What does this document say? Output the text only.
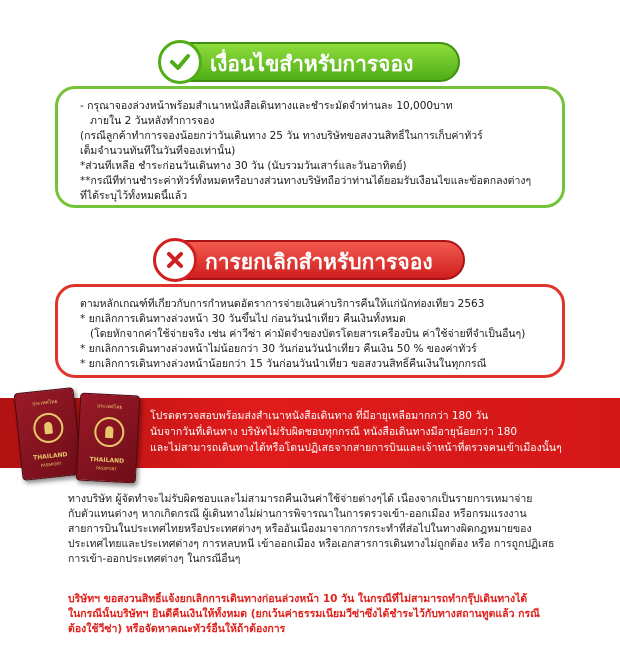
เงื่อนไขสำหรับการจอง
- กรุณาจองล่วงหน้าพร้อมสำเนาหนังสือเดินทางและชำระมัดจำท่านละ 10,000บาท
ภายใน 2 วันหลังทำการจอง
(กรณีลูกค้าทำการจองน้อยกว่าวันเดินทาง 25 วัน ทางบริษัทขอสงวนสิทธิ์ในการเก็บค่าทัวร์
เต็มจำนวนทันทีในวันที่จองเท่านั้น)
*ส่วนที่เหลือ ชำระก่อนวันเดินทาง 30 วัน (นับรวมวันเสาร์และวันอาทิตย์)
**กรณีที่ท่านชำระค่าทัวร์ทั้งหมดหรือบางส่วนทางบริษัทถือว่าท่านได้ยอมรับเงื่อนไขและข้อตกลงต่างๆ
ที่ได้ระบุไว้ทั้งหมดนี้แล้ว
การยกเลิกสำหรับการจอง
ตามหลักเกณฑ์ที่เกี่ยวกับการกำหนดอัตราการจ่ายเงินค่าบริการคืนให้แก่นักท่องเที่ยว 2563
* ยกเลิกการเดินทางล่วงหน้า 30 วันขึ้นไป ก่อนวันนำเที่ยว คืนเงินทั้งหมด
(โดยหักจากค่าใช้จ่ายจริง เช่น ค่าวีซ่า ค่ามัดจำของบัตรโดยสารเครื่องบิน ค่าใช้จ่ายที่จำเป็นอื่นๆ)
* ยกเลิกการเดินทางล่วงหน้าไม่น้อยกว่า 30 วันก่อนวันนำเที่ยว คืนเงิน 50 % ของค่าทัวร์
* ยกเลิกการเดินทางล่วงหน้าน้อยกว่า 15 วันก่อนวันนำเที่ยว ขอสงวนสิทธิ์คืนเงินในทุกกรณี
โปรดตรวจสอบพร้อมส่งสำเนาหนังสือเดินทาง ที่มีอายุเหลือมากกว่า 180 วัน
นับจากวันที่เดินทาง บริษัทไม่รับผิดชอบทุกกรณี หนังสือเดินทางมีอายุน้อยกว่า 180
และไม่สามารถเดินทางได้หรือโดนปฏิเสธจากสายการบินและเจ้าหน้าที่ตรวจคนเข้าเมืองนั้นๆ
ประเทศไทย
THAILAND
PASSPORT
ประเทศไทย
THAILAND
PASSPORT
ทางบริษัท ผู้จัดทำจะไม่รับผิดชอบและไม่สามารถคืนเงินค่าใช้จ่ายต่างๆได้ เนื่องจากเป็นรายการเหมาจ่าย
กับตัวแทนต่างๆ หากเกิดกรณี ผู้เดินทางไม่ผ่านการพิจารณาในการตรวจเข้า-ออกเมือง หรือกรมแรงงาน
สายการบินในประเทศไทยหรือประเทศต่างๆ หรืออันเนื่องมาจากการกระทำที่ส่อไปในทางผิดกฎหมายของ
ประเทศไทยและประเทศต่างๆ การหลบหนี เข้าออกเมือง หรือเอกสารการเดินทางไม่ถูกต้อง หรือ การถูกปฏิเสธ
การเข้า-ออกประเทศต่างๆ ในกรณีอื่นๆ
บริษัทฯ ขอสงวนสิทธิ์แจ้งยกเลิกการเดินทางก่อนล่วงหน้า 10 วัน ในกรณีที่ไม่สามารถทำกรุ๊ปเดินทางได้
ในกรณีนั้นบริษัทฯ ยินดีคืนเงินให้ทั้งหมด (ยกเว้นค่าธรรมเนียมวีซ่าซึ่งได้ชำระไว้กับทางสถานทูตแล้ว กรณี
ต้องใช้วีซ่า) หรือจัดหาคณะทัวร์อื่นให้ถ้าต้องการ
